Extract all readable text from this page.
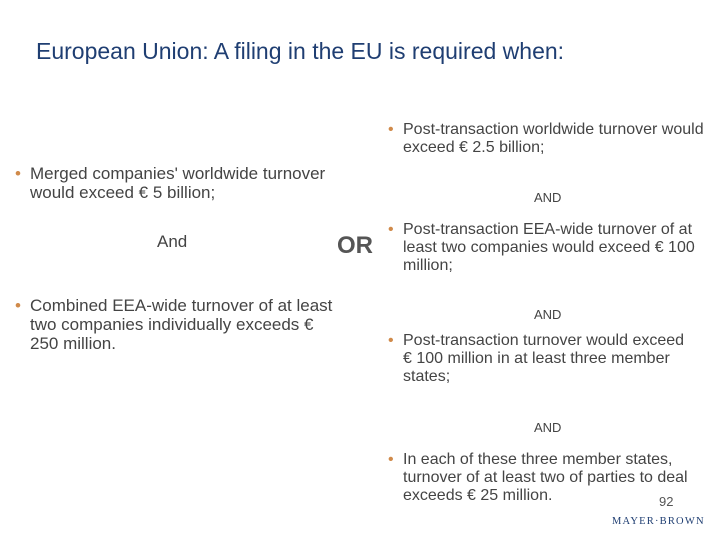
European Union: A filing in the EU is required when:
• Merged companies' worldwide turnover would exceed € 5 billion;
And
• Combined EEA-wide turnover of at least two companies individually exceeds € 250 million.
OR
• Post-transaction worldwide turnover would exceed € 2.5 billion;
AND
• Post-transaction EEA-wide turnover of at least two companies would exceed € 100 million;
AND
• Post-transaction turnover would exceed € 100 million in at least three member states;
AND
• In each of these three member states, turnover of at least two of parties to deal exceeds € 25 million.	92
MAYER·BROWN
